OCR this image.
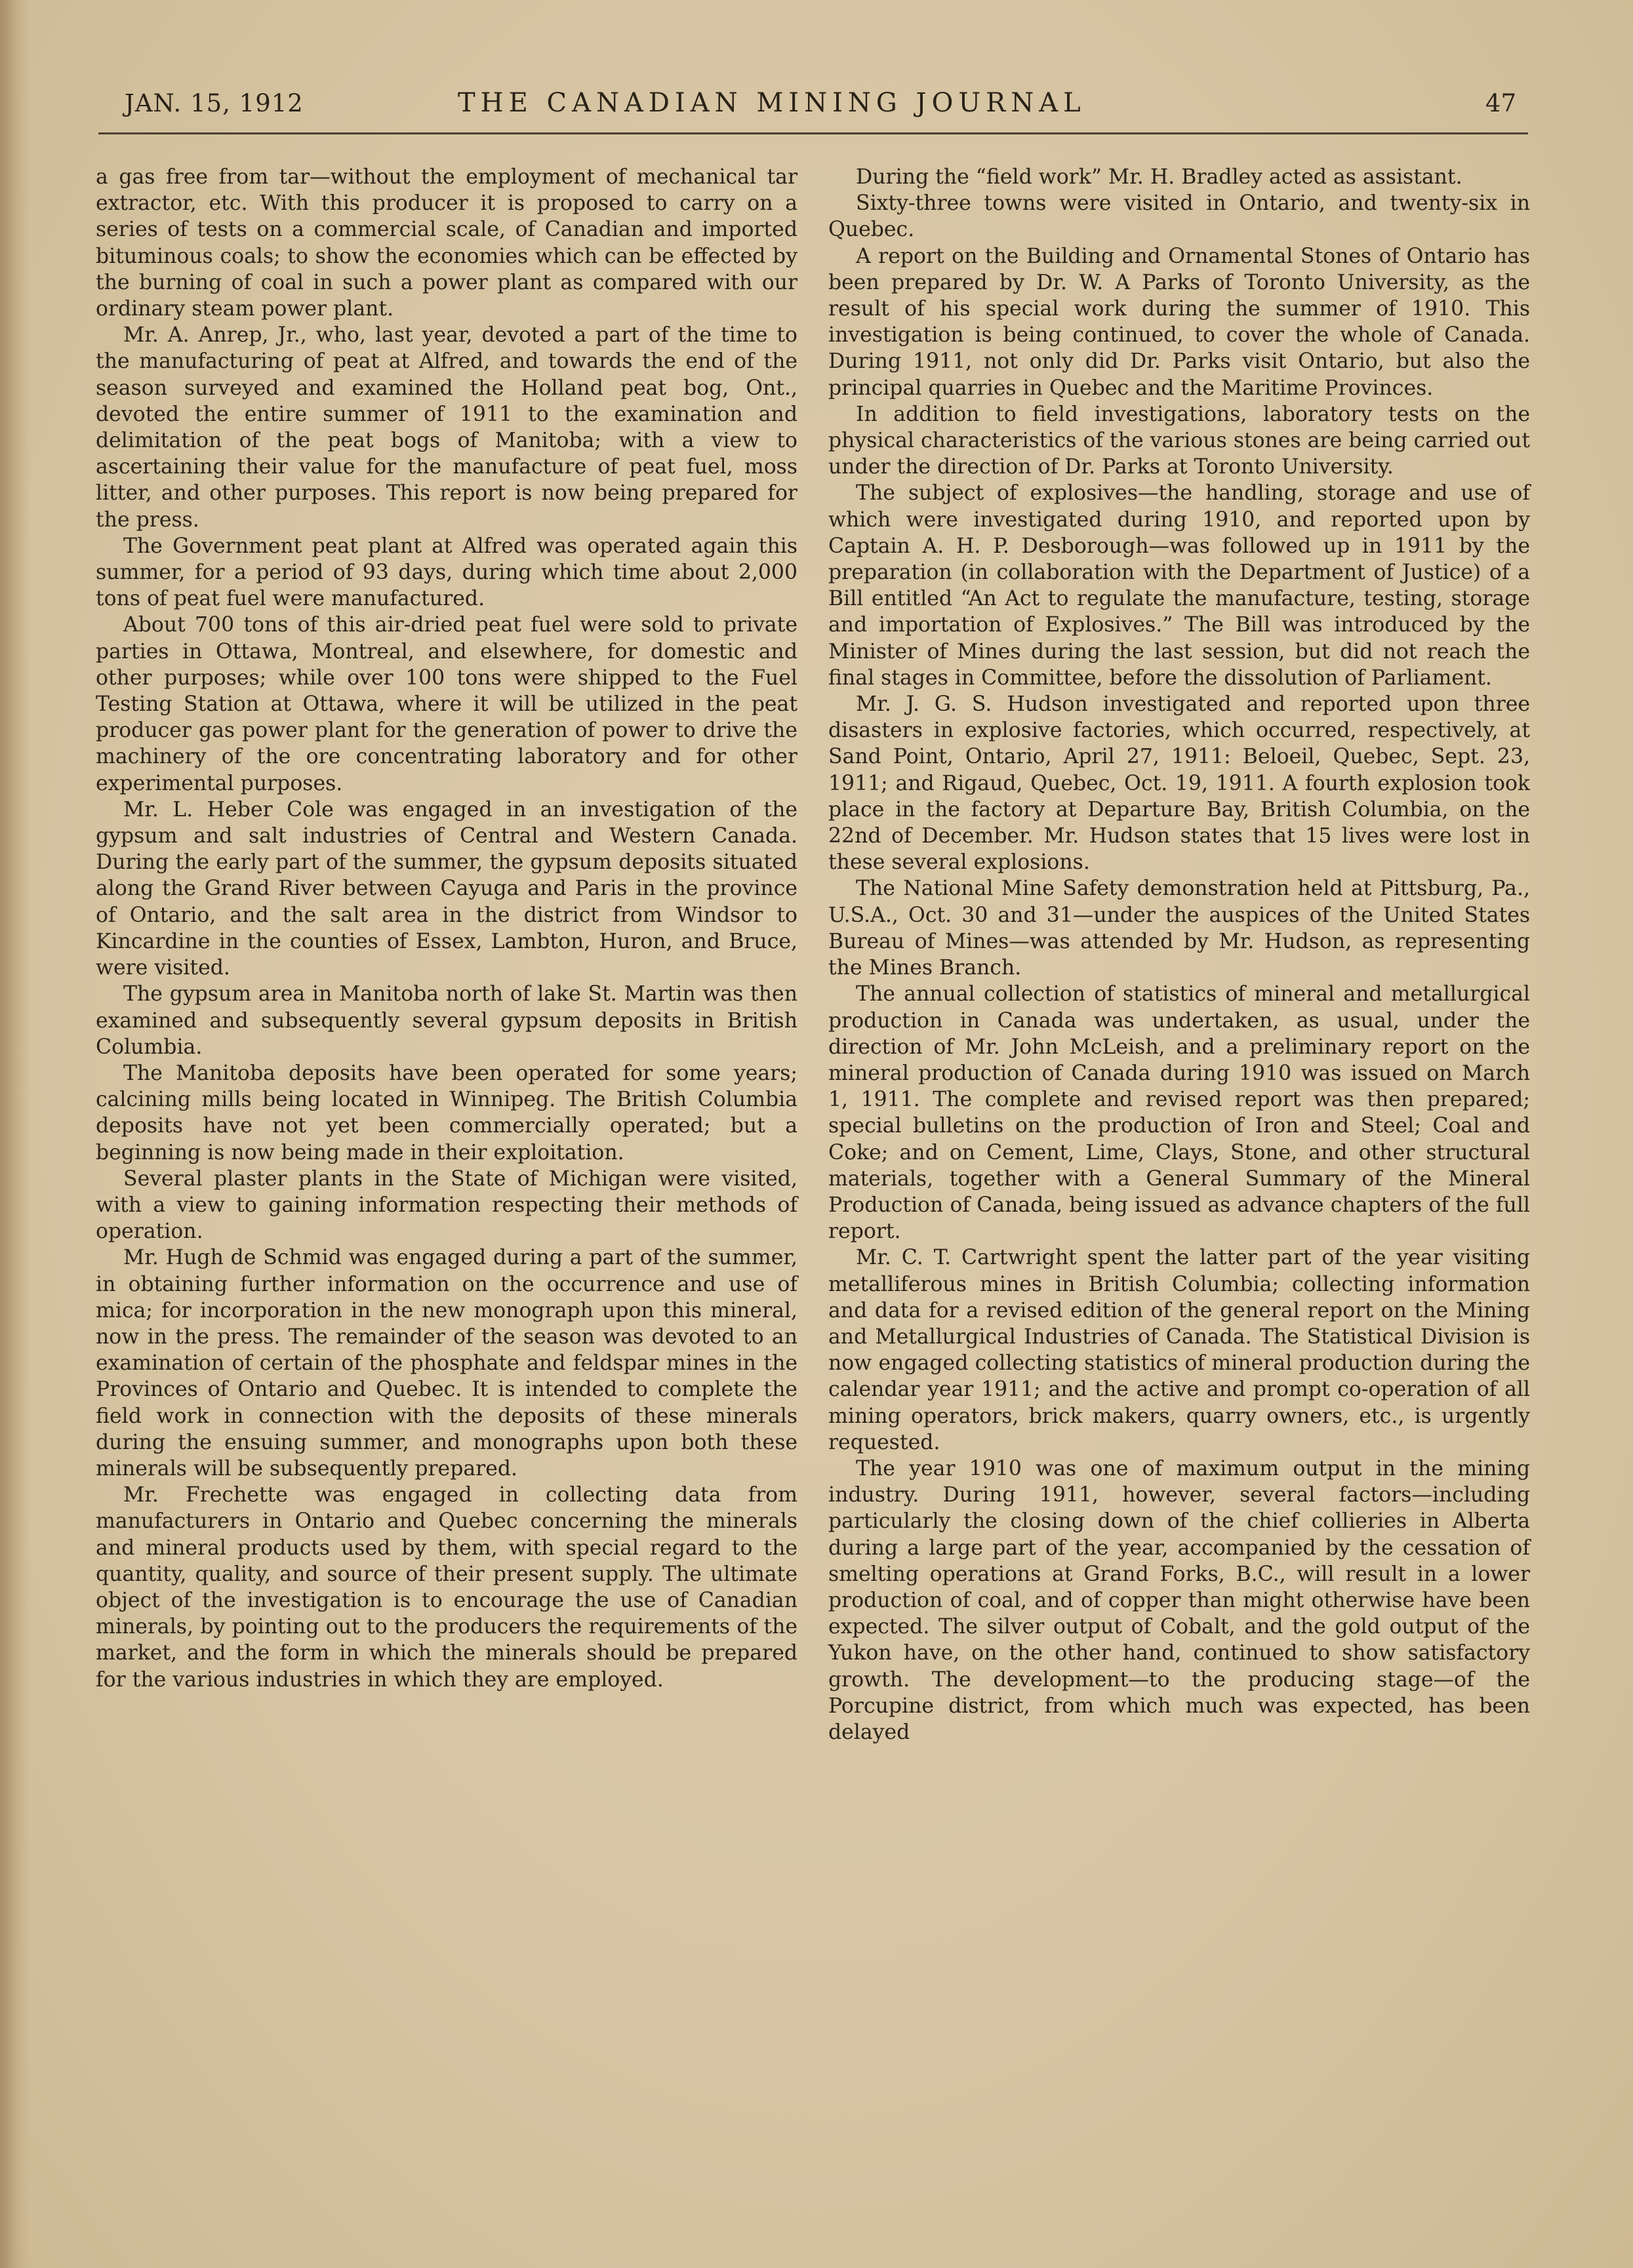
JAN. 15, 1912	THE CANADIAN MINING JOURNAL	47

a gas free from tar—without the employment of mechanical tar extractor, etc. With this producer it is proposed to carry on a series of tests on a commercial scale, of Canadian and imported bituminous coals; to show the economies which can be effected by the burning of coal in such a power plant as compared with our ordinary steam power plant.

Mr. A. Anrep, Jr., who, last year, devoted a part of the time to the manufacturing of peat at Alfred, and towards the end of the season surveyed and examined the Holland peat bog, Ont., devoted the entire summer of 1911 to the examination and delimitation of the peat bogs of Manitoba; with a view to ascertaining their value for the manufacture of peat fuel, moss litter, and other purposes. This report is now being prepared for the press.

The Government peat plant at Alfred was operated again this summer, for a period of 93 days, during which time about 2,000 tons of peat fuel were manufactured.

About 700 tons of this air-dried peat fuel were sold to private parties in Ottawa, Montreal, and elsewhere, for domestic and other purposes; while over 100 tons were shipped to the Fuel Testing Station at Ottawa, where it will be utilized in the peat producer gas power plant for the generation of power to drive the machinery of the ore concentrating laboratory and for other experimental purposes.

Mr. L. Heber Cole was engaged in an investigation of the gypsum and salt industries of Central and Western Canada. During the early part of the summer, the gypsum deposits situated along the Grand River between Cayuga and Paris in the province of Ontario, and the salt area in the district from Windsor to Kincardine in the counties of Essex, Lambton, Huron, and Bruce, were visited.

The gypsum area in Manitoba north of lake St. Martin was then examined and subsequently several gypsum deposits in British Columbia.

The Manitoba deposits have been operated for some years; calcining mills being located in Winnipeg. The British Columbia deposits have not yet been commercially operated; but a beginning is now being made in their exploitation.

Several plaster plants in the State of Michigan were visited, with a view to gaining information respecting their methods of operation.

Mr. Hugh de Schmid was engaged during a part of the summer, in obtaining further information on the occurrence and use of mica; for incorporation in the new monograph upon this mineral, now in the press. The remainder of the season was devoted to an examination of certain of the phosphate and feldspar mines in the Provinces of Ontario and Quebec. It is intended to complete the field work in connection with the deposits of these minerals during the ensuing summer, and monographs upon both these minerals will be subsequently prepared.

Mr. Frechette was engaged in collecting data from manufacturers in Ontario and Quebec concerning the minerals and mineral products used by them, with special regard to the quantity, quality, and source of their present supply. The ultimate object of the investigation is to encourage the use of Canadian minerals, by pointing out to the producers the requirements of the market, and the form in which the minerals should be prepared for the various industries in which they are employed.

During the “field work” Mr. H. Bradley acted as assistant.

Sixty-three towns were visited in Ontario, and twenty-six in Quebec.

A report on the Building and Ornamental Stones of Ontario has been prepared by Dr. W. A Parks of Toronto University, as the result of his special work during the summer of 1910. This investigation is being continued, to cover the whole of Canada. During 1911, not only did Dr. Parks visit Ontario, but also the principal quarries in Quebec and the Maritime Provinces.

In addition to field investigations, laboratory tests on the physical characteristics of the various stones are being carried out under the direction of Dr. Parks at Toronto University.

The subject of explosives—the handling, storage and use of which were investigated during 1910, and reported upon by Captain A. H. P. Desborough—was followed up in 1911 by the preparation (in collaboration with the Department of Justice) of a Bill entitled “An Act to regulate the manufacture, testing, storage and importation of Explosives.” The Bill was introduced by the Minister of Mines during the last session, but did not reach the final stages in Committee, before the dissolution of Parliament.

Mr. J. G. S. Hudson investigated and reported upon three disasters in explosive factories, which occurred, respectively, at Sand Point, Ontario, April 27, 1911: Beloeil, Quebec, Sept. 23, 1911; and Rigaud, Quebec, Oct. 19, 1911. A fourth explosion took place in the factory at Departure Bay, British Columbia, on the 22nd of December. Mr. Hudson states that 15 lives were lost in these several explosions.

The National Mine Safety demonstration held at Pittsburg, Pa., U.S.A., Oct. 30 and 31—under the auspices of the United States Bureau of Mines—was attended by Mr. Hudson, as representing the Mines Branch.

The annual collection of statistics of mineral and metallurgical production in Canada was undertaken, as usual, under the direction of Mr. John McLeish, and a preliminary report on the mineral production of Canada during 1910 was issued on March 1, 1911. The complete and revised report was then prepared; special bulletins on the production of Iron and Steel; Coal and Coke; and on Cement, Lime, Clays, Stone, and other structural materials, together with a General Summary of the Mineral Production of Canada, being issued as advance chapters of the full report.

Mr. C. T. Cartwright spent the latter part of the year visiting metalliferous mines in British Columbia; collecting information and data for a revised edition of the general report on the Mining and Metallurgical Industries of Canada. The Statistical Division is now engaged collecting statistics of mineral production during the calendar year 1911; and the active and prompt co-operation of all mining operators, brick makers, quarry owners, etc., is urgently requested.

The year 1910 was one of maximum output in the mining industry. During 1911, however, several factors—including particularly the closing down of the chief collieries in Alberta during a large part of the year, accompanied by the cessation of smelting operations at Grand Forks, B.C., will result in a lower production of coal, and of copper than might otherwise have been expected. The silver output of Cobalt, and the gold output of the Yukon have, on the other hand, continued to show satisfactory growth. The development—to the producing stage—of the Porcupine district, from which much was expected, has been delayed
